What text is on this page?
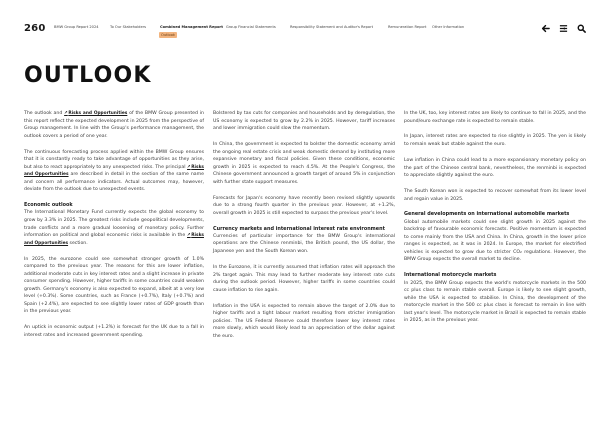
260 BMW Group Report 2024	To Our Stakeholders	Combined Management Report Group Financial Statements	Responsibility Statement and Auditor's Report	Remuneration Report Other Information
Outlook
OUTLOOK

The outlook and ↗ Risks and Opportunities of the BMW Group presented in this report reflect the expected development in 2025 from the perspective of Group management. In line with the Group's performance management, the outlook covers a period of one year.

The continuous forecasting process applied within the BMW Group ensures that it is constantly ready to take advantage of opportunities as they arise, but also to react appropriately to any unexpected risks. The principal ↗ Risks and Opportunities are described in detail in the section of the same name and concern all performance indicators. Actual outcomes may, however, deviate from the outlook due to unexpected events.

Economic outlook

The International Monetary Fund currently expects the global economy to grow by 3.3% in 2025. The greatest risks include geopolitical developments, trade conflicts and a more gradual loosening of monetary policy. Further information on political and global economic risks is available in the ↗ Risks and Opportunities section.

In 2025, the eurozone could see somewhat stronger growth of 1.0% compared to the previous year. The reasons for this are lower inflation, additional moderate cuts in key interest rates and a slight increase in private consumer spending. However, higher tariffs in some countries could weaken growth. Germany's economy is also expected to expand, albeit at a very low level (+0.3%). Some countries, such as France (+0.7%), Italy (+0.7%) and Spain (+2.4%), are expected to see slightly lower rates of GDP growth than in the previous year.

An uptick in economic output (+1.2%) is forecast for the UK due to a fall in interest rates and increased government spending.

Bolstered by tax cuts for companies and households and by deregulation, the US economy is expected to grow by 2.2% in 2025. However, tariff increases and lower immigration could slow the momentum.

In China, the government is expected to bolster the domestic economy amid the ongoing real estate crisis and weak domestic demand by instituting more expansive monetary and fiscal policies. Given these conditions, economic growth in 2025 is expected to reach 4.5%. At the People's Congress, the Chinese government announced a growth target of around 5% in conjunction with further state support measures.

Forecasts for Japan's economy have recently been revised slightly upwards due to a strong fourth quarter in the previous year. However, at +1.2%, overall growth in 2025 is still expected to surpass the previous year's level.

Currency markets and international interest rate environment

Currencies of particular importance for the BMW Group's international operations are the Chinese renminbi, the British pound, the US dollar, the Japanese yen and the South Korean won.

In the Eurozone, it is currently assumed that inflation rates will approach the 2% target again. This may lead to further moderate key interest rate cuts during the outlook period. However, higher tariffs in some countries could cause inflation to rise again.

Inflation in the USA is expected to remain above the target of 2.0% due to higher tariffs and a tight labour market resulting from stricter immigration policies. The US Federal Reserve could therefore lower key interest rates more slowly, which would likely lead to an appreciation of the dollar against the euro.

In the UK, too, key interest rates are likely to continue to fall in 2025, and the pound/euro exchange rate is expected to remain stable.

In Japan, interest rates are expected to rise slightly in 2025. The yen is likely to remain weak but stable against the euro.

Low inflation in China could lead to a more expansionary monetary policy on the part of the Chinese central bank, nevertheless, the renminbi is expected to appreciate slightly against the euro.

The South Korean won is expected to recover somewhat from its lower level and regain value in 2025.

General developments on international automobile markets

Global automobile markets could see slight growth in 2025 against the backdrop of favourable economic forecasts. Positive momentum is expected to come mainly from the USA and China. In China, growth in the lower price ranges is expected, as it was in 2024. In Europe, the market for electrified vehicles is expected to grow due to stricter CO₂ regulations. However, the BMW Group expects the overall market to decline.

International motorcycle markets

In 2025, the BMW Group expects the world's motorcycle markets in the 500 cc plus class to remain stable overall. Europe is likely to see slight growth, while the USA is expected to stabilise. In China, the development of the motorcycle market in the 500 cc plus class is forecast to remain in line with last year's level. The motorcycle market in Brazil is expected to remain stable in 2025, as in the previous year.
